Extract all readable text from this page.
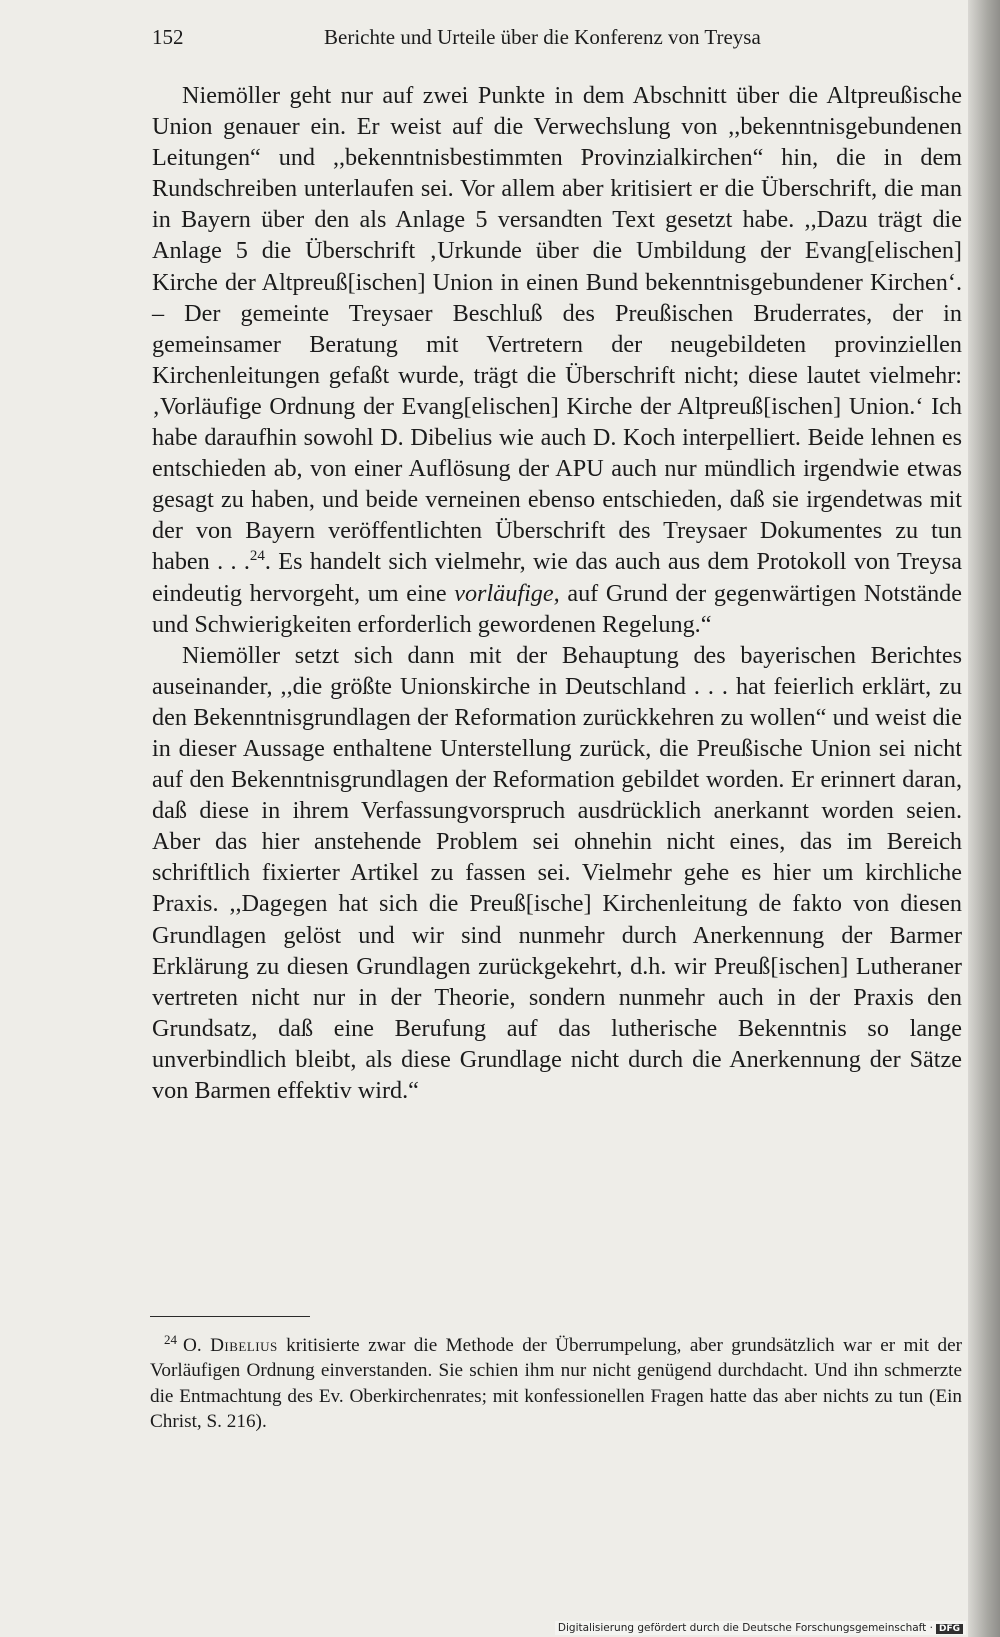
152	Berichte und Urteile über die Konferenz von Treysa

Niemöller geht nur auf zwei Punkte in dem Abschnitt über die Altpreußische Union genauer ein. Er weist auf die Verwechslung von ,,bekenntnisgebundenen Leitungen“ und ,,bekenntnisbestimmten Provinzialkirchen“ hin, die in dem Rundschreiben unterlaufen sei. Vor allem aber kritisiert er die Überschrift, die man in Bayern über den als Anlage 5 versandten Text gesetzt habe. ,,Dazu trägt die Anlage 5 die Überschrift ‚Urkunde über die Umbildung der Evang[elischen] Kirche der Altpreuß[ischen] Union in einen Bund bekenntnisgebundener Kirchen‘. – Der gemeinte Treysaer Beschluß des Preußischen Bruderrates, der in gemeinsamer Beratung mit Vertretern der neugebildeten provinziellen Kirchenleitungen gefaßt wurde, trägt die Überschrift nicht; diese lautet vielmehr: ‚Vorläufige Ordnung der Evang[elischen] Kirche der Altpreuß[ischen] Union.‘ Ich habe daraufhin sowohl D. Dibelius wie auch D. Koch interpelliert. Beide lehnen es entschieden ab, von einer Auflösung der APU auch nur mündlich irgendwie etwas gesagt zu haben, und beide verneinen ebenso entschieden, daß sie irgendetwas mit der von Bayern veröffentlichten Überschrift des Treysaer Dokumentes zu tun haben . . .$^{24}$. Es handelt sich vielmehr, wie das auch aus dem Protokoll von Treysa eindeutig hervorgeht, um eine vorläufige, auf Grund der gegenwärtigen Notstände und Schwierigkeiten erforderlich gewordenen Regelung.“

Niemöller setzt sich dann mit der Behauptung des bayerischen Berichtes auseinander, ,,die größte Unionskirche in Deutschland . . . hat feierlich erklärt, zu den Bekenntnisgrundlagen der Reformation zurückkehren zu wollen“ und weist die in dieser Aussage enthaltene Unterstellung zurück, die Preußische Union sei nicht auf den Bekenntnisgrundlagen der Reformation gebildet worden. Er erinnert daran, daß diese in ihrem Verfassungvorspruch ausdrücklich anerkannt worden seien. Aber das hier anstehende Problem sei ohnehin nicht eines, das im Bereich schriftlich fixierter Artikel zu fassen sei. Vielmehr gehe es hier um kirchliche Praxis. ,,Dagegen hat sich die Preuß[ische] Kirchenleitung de fakto von diesen Grundlagen gelöst und wir sind nunmehr durch Anerkennung der Barmer Erklärung zu diesen Grundlagen zurückgekehrt, d.h. wir Preuß[ischen] Lutheraner vertreten nicht nur in der Theorie, sondern nunmehr auch in der Praxis den Grundsatz, daß eine Berufung auf das lutherische Bekenntnis so lange unverbindlich bleibt, als diese Grundlage nicht durch die Anerkennung der Sätze von Barmen effektiv wird.“

$^{24}$ O. Dibelius kritisierte zwar die Methode der Überrumpelung, aber grundsätzlich war er mit der Vorläufigen Ordnung einverstanden. Sie schien ihm nur nicht genügend durchdacht. Und ihn schmerzte die Entmachtung des Ev. Oberkirchenrates; mit konfessionellen Fragen hatte das aber nichts zu tun (Ein Christ, S. 216).
Digitalisierung gefördert durch die Deutsche Forschungsgemeinschaft · DFG
